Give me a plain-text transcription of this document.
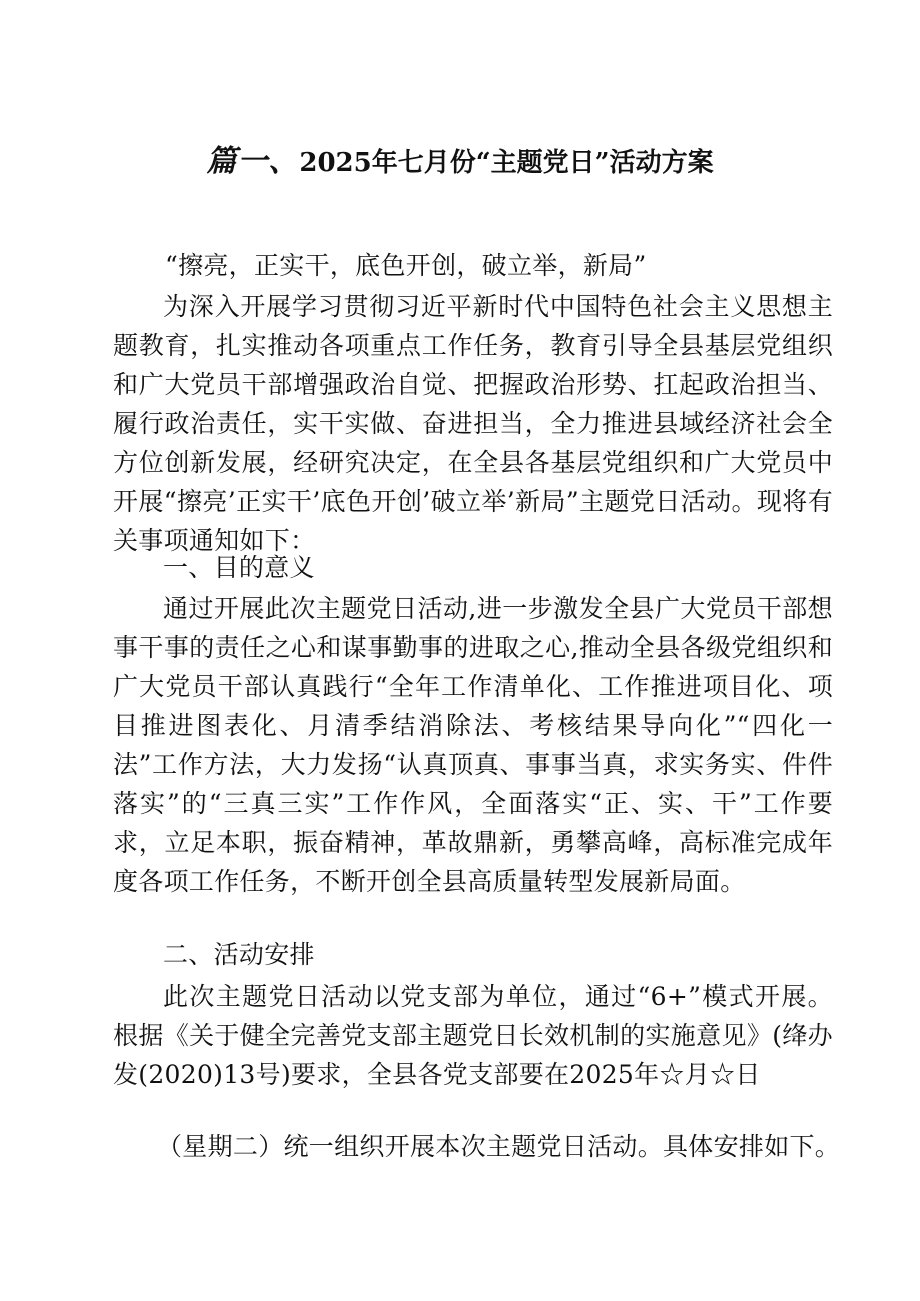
篇一、2025年七月份“主题党日”活动方案

“擦亮，正实干，底色开创，破立举，新局”

为深入开展学习贯彻习近平新时代中国特色社会主义思想主题教育，扎实推动各项重点工作任务，教育引导全县基层党组织和广大党员干部增强政治自觉、把握政治形势、扛起政治担当、履行政治责任，实干实做、奋进担当，全力推进县域经济社会全方位创新发展，经研究决定，在全县各基层党组织和广大党员中开展“擦亮’正实干’底色开创’破立举’新局”主题党日活动。现将有关事项通知如下：

一、目的意义

通过开展此次主题党日活动,进一步激发全县广大党员干部想事干事的责任之心和谋事勤事的进取之心,推动全县各级党组织和广大党员干部认真践行“全年工作清单化、工作推进项目化、项目推进图表化、月清季结消除法、考核结果导向化”“四化一法”工作方法，大力发扬“认真顶真、事事当真，求实务实、件件落实”的“三真三实”工作作风，全面落实“正、实、干”工作要求，立足本职，振奋精神，革故鼎新，勇攀高峰，高标准完成年度各项工作任务，不断开创全县高质量转型发展新局面。

二、活动安排

此次主题党日活动以党支部为单位，通过“6+”模式开展。根据《关于健全完善党支部主题党日长效机制的实施意见》(绛办发(2020)13号)要求，全县各党支部要在2025年☆月☆日

（星期二）统一组织开展本次主题党日活动。具体安排如下。
